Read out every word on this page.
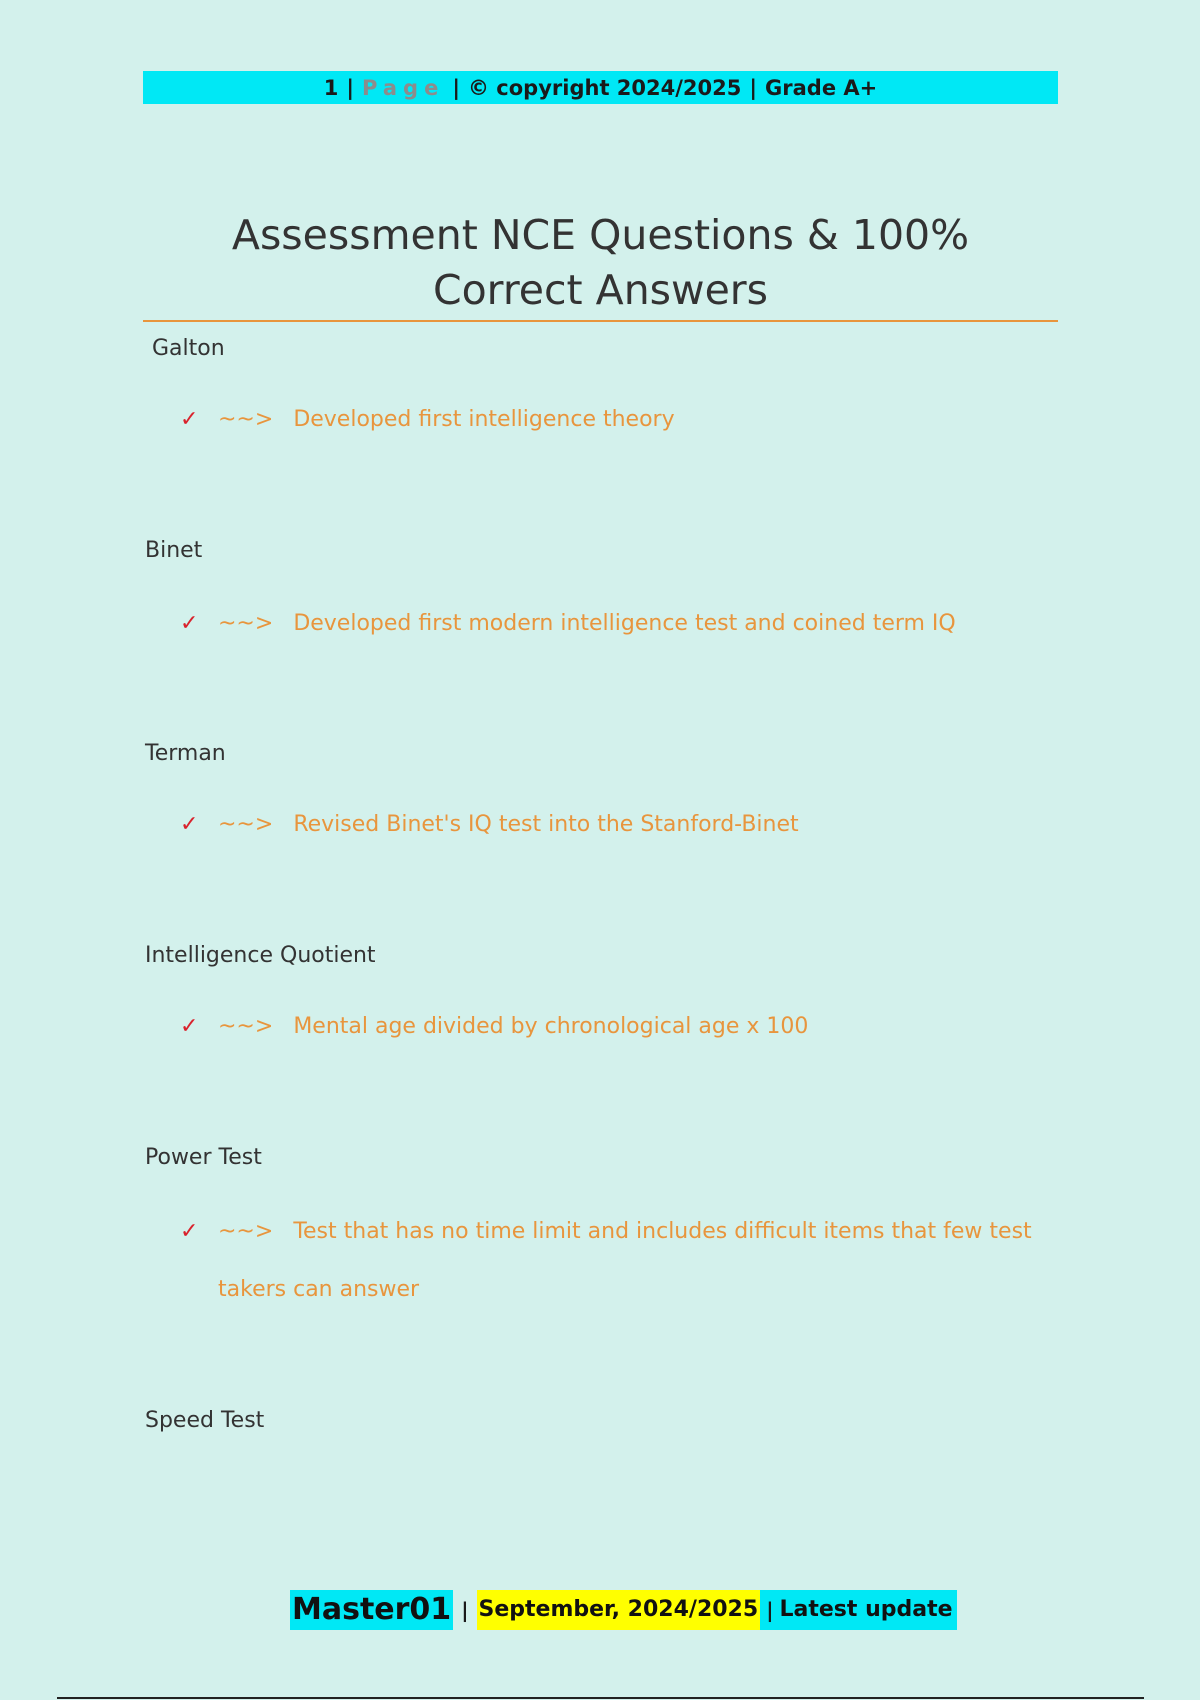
1 | Page | © copyright 2024/2025 | Grade A+
Assessment NCE Questions & 100%
Correct Answers
Galton
✓ ~~> Developed first intelligence theory
Binet
✓ ~~> Developed first modern intelligence test and coined term IQ
Terman
✓ ~~> Revised Binet's IQ test into the Stanford-Binet
Intelligence Quotient
✓ ~~> Mental age divided by chronological age x 100
Power Test
✓ ~~> Test that has no time limit and includes difficult items that few test takers can answer
Speed Test
Master01 | September, 2024/2025 | Latest update
